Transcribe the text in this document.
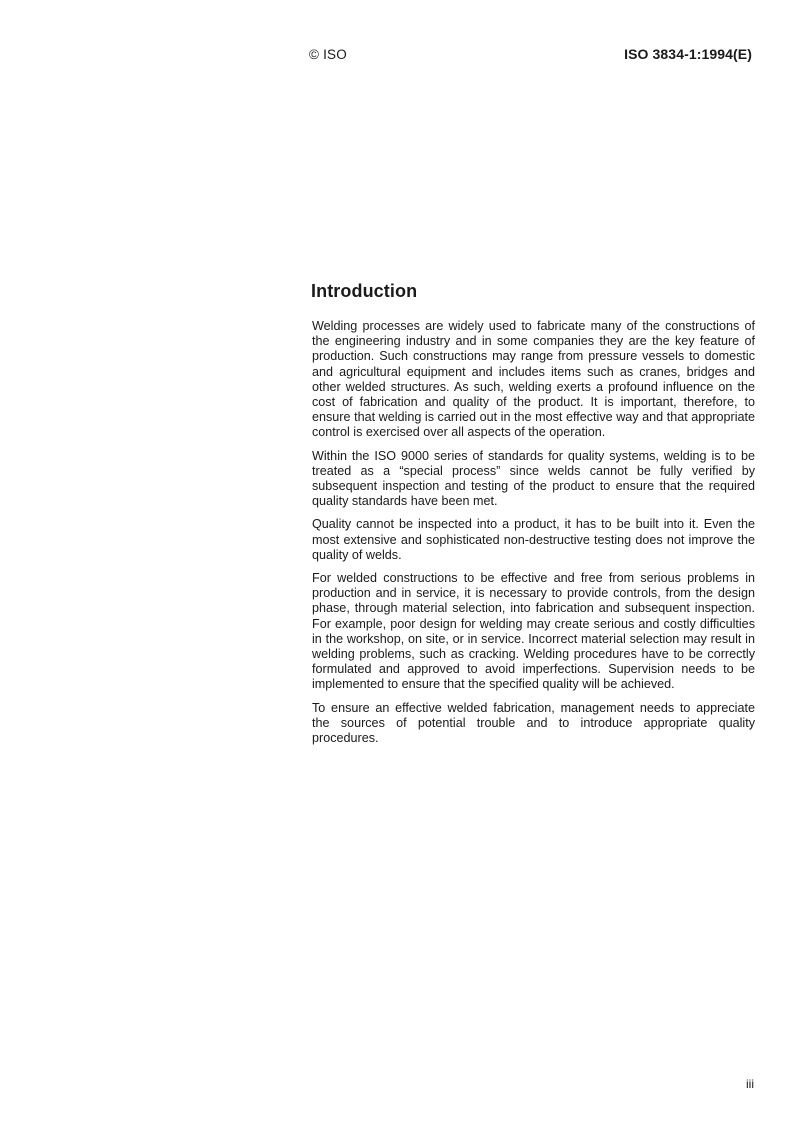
© ISO	ISO 3834-1:1994(E)
Introduction

Welding processes are widely used to fabricate many of the constructions of the engineering industry and in some companies they are the key feature of production. Such constructions may range from pressure vessels to domestic and agricultural equipment and includes items such as cranes, bridges and other welded structures. As such, welding exerts a profound influence on the cost of fabrication and quality of the product. It is important, therefore, to ensure that welding is carried out in the most effective way and that appropriate control is exercised over all aspects of the operation.

Within the ISO 9000 series of standards for quality systems, welding is to be treated as a “special process” since welds cannot be fully verified by subsequent inspection and testing of the product to ensure that the required quality standards have been met.

Quality cannot be inspected into a product, it has to be built into it. Even the most extensive and sophisticated non-destructive testing does not improve the quality of welds.

For welded constructions to be effective and free from serious problems in production and in service, it is necessary to provide controls, from the design phase, through material selection, into fabrication and subsequent inspection. For example, poor design for welding may create serious and costly difficulties in the workshop, on site, or in service. Incorrect material selection may result in welding problems, such as cracking. Welding procedures have to be correctly formulated and approved to avoid imperfections. Supervision needs to be implemented to ensure that the specified quality will be achieved.

To ensure an effective welded fabrication, management needs to appreciate the sources of potential trouble and to introduce appropriate quality procedures.

iii
